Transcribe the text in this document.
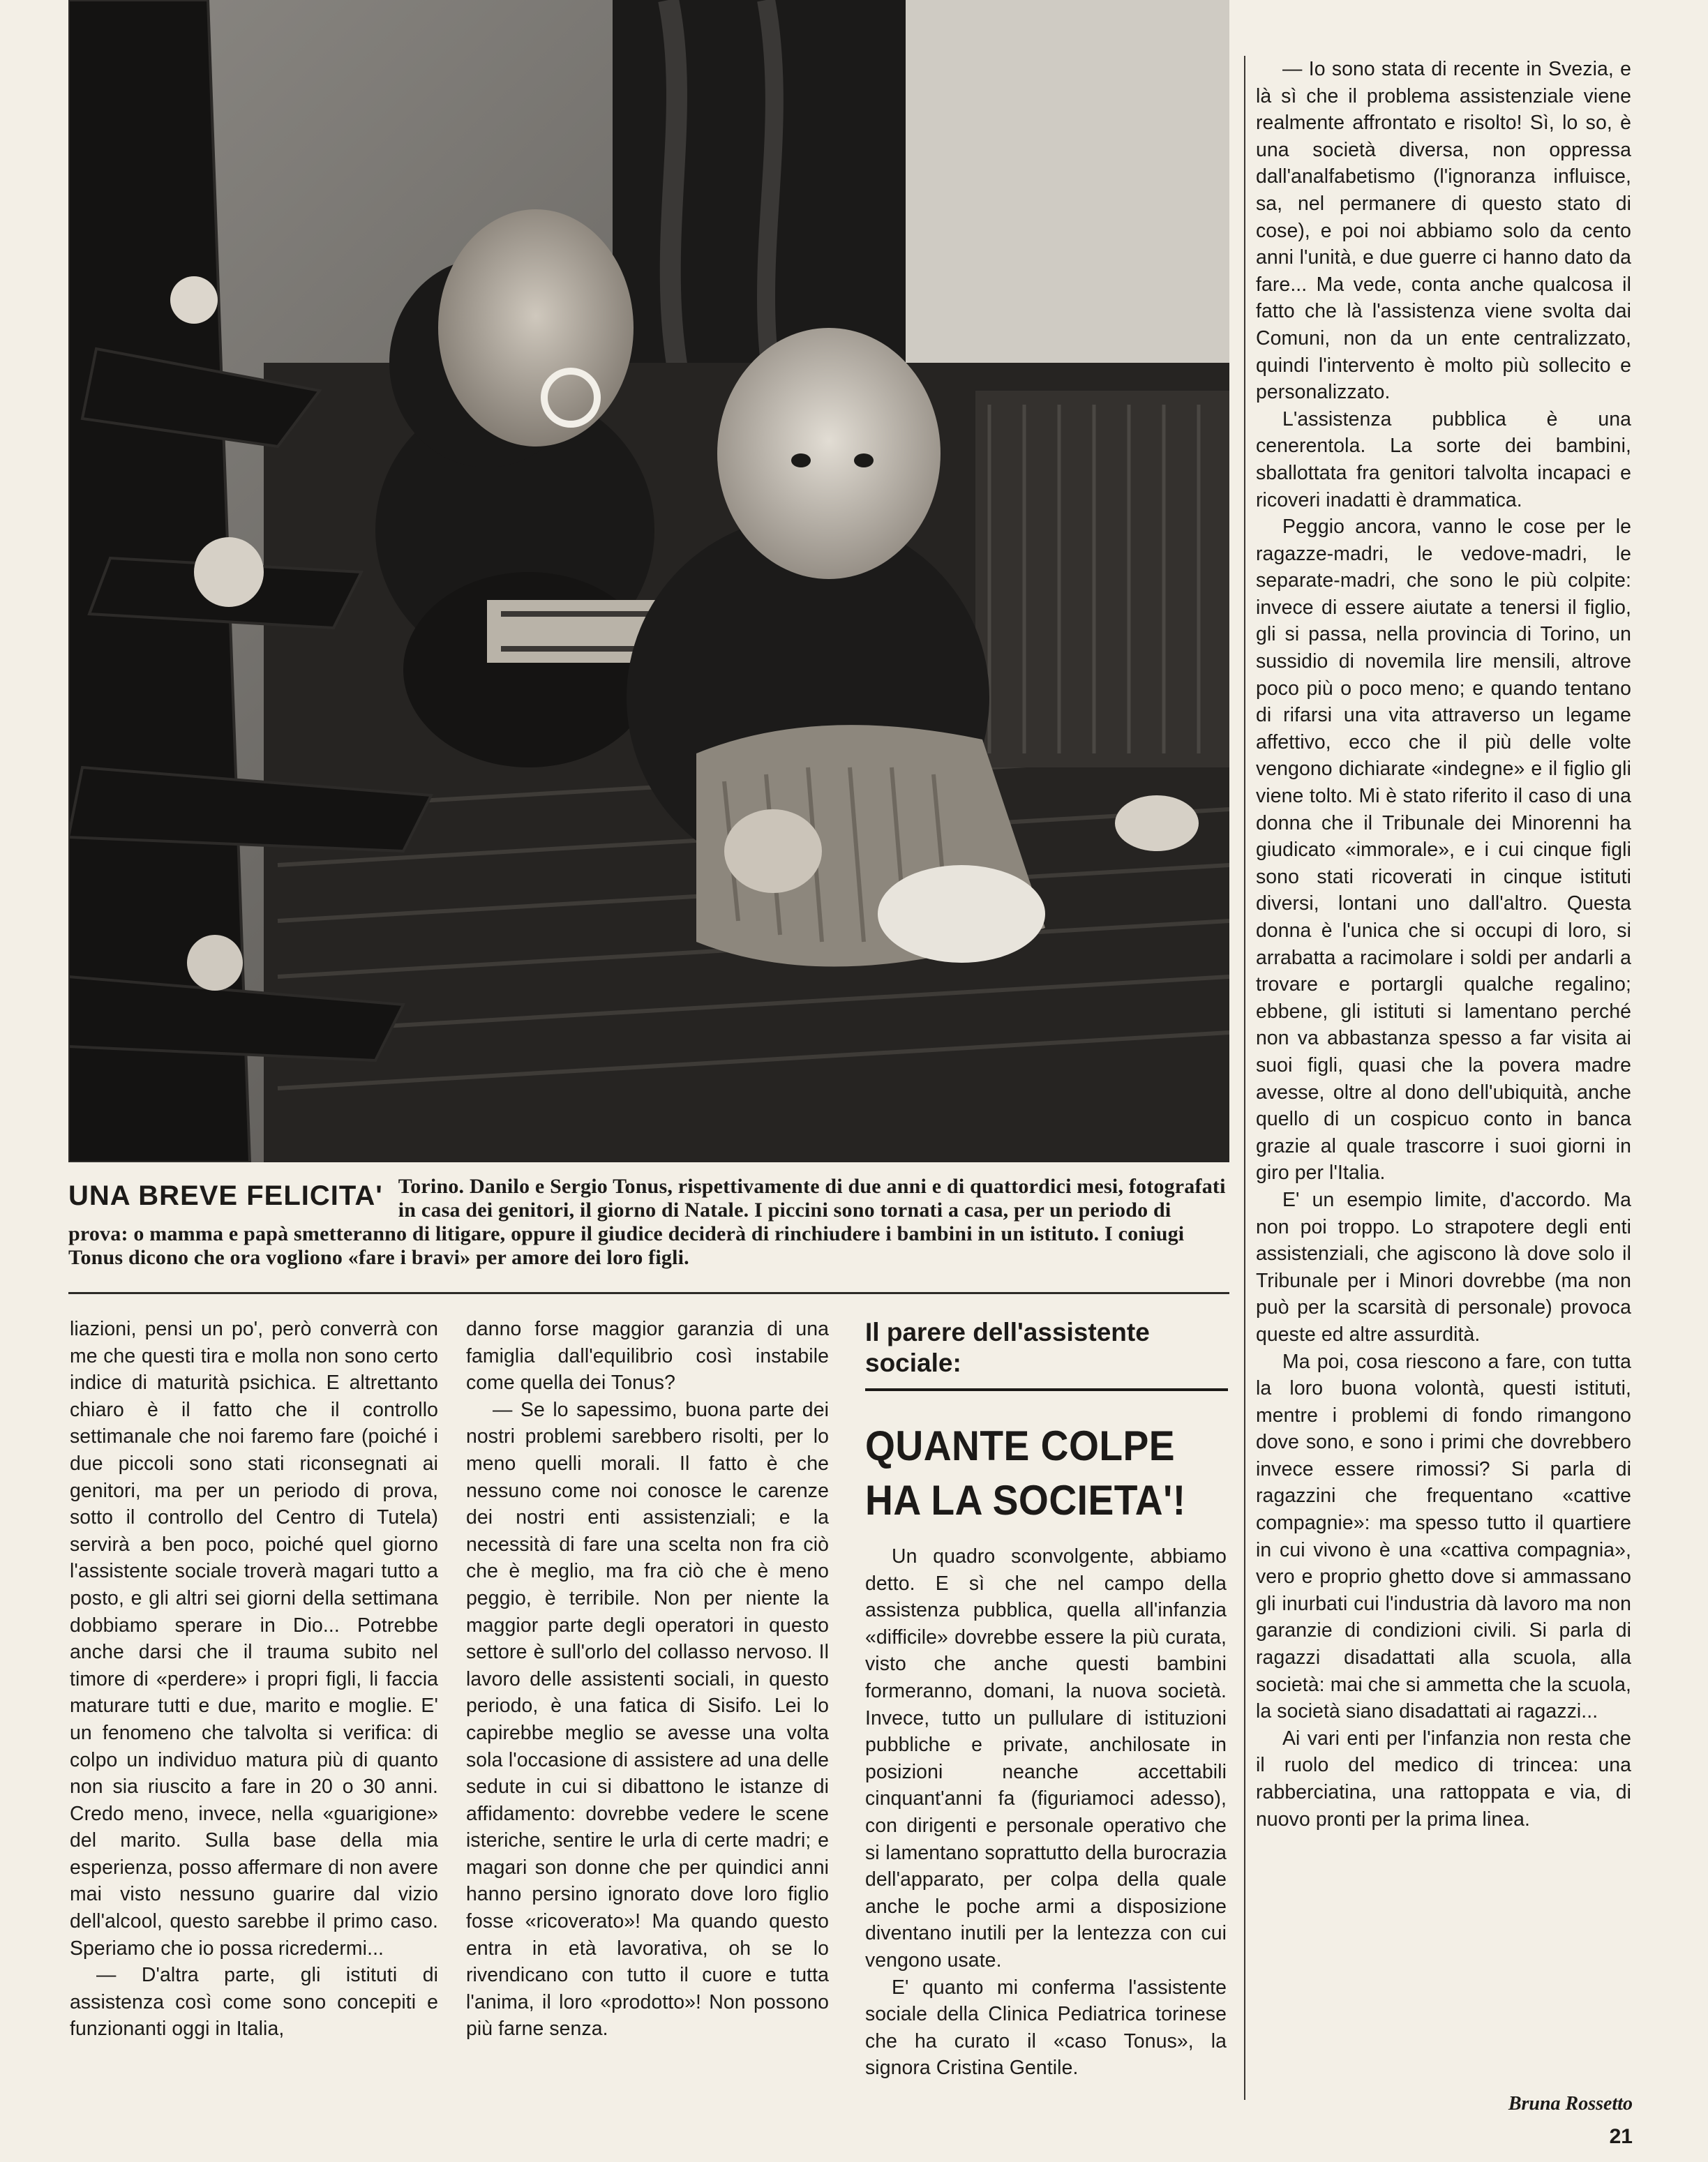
UNA BREVE FELICITA' Torino. Danilo e Sergio Tonus, rispettivamente di due anni e di quattordici mesi, fotografati in casa dei genitori, il giorno di Natale. I piccini sono tornati a casa, per un periodo di prova: o mamma e papà smetteranno di litigare, oppure il giudice deciderà di rinchiudere i bambini in un istituto. I coniugi Tonus dicono che ora vogliono «fare i bravi» per amore dei loro figli.

liazioni, pensi un po', però converrà con me che questi tira e molla non sono certo indice di maturità psichica. E altrettanto chiaro è il fatto che il controllo settimanale che noi faremo fare (poiché i due piccoli sono stati riconsegnati ai genitori, ma per un periodo di prova, sotto il controllo del Centro di Tutela) servirà a ben poco, poiché quel giorno l'assistente sociale troverà magari tutto a posto, e gli altri sei giorni della settimana dobbiamo sperare in Dio... Potrebbe anche darsi che il trauma subito nel timore di «perdere» i propri figli, li faccia maturare tutti e due, marito e moglie. E' un fenomeno che talvolta si verifica: di colpo un individuo matura più di quanto non sia riuscito a fare in 20 o 30 anni. Credo meno, invece, nella «guarigione» del marito. Sulla base della mia esperienza, posso affermare di non avere mai visto nessuno guarire dal vizio dell'alcool, questo sarebbe il primo caso. Speriamo che io possa ricredermi...

— D'altra parte, gli istituti di assistenza così come sono concepiti e funzionanti oggi in Italia,

danno forse maggior garanzia di una famiglia dall'equilibrio così instabile come quella dei Tonus?

— Se lo sapessimo, buona parte dei nostri problemi sarebbero risolti, per lo meno quelli morali. Il fatto è che nessuno come noi conosce le carenze dei nostri enti assistenziali; e la necessità di fare una scelta non fra ciò che è meglio, ma fra ciò che è meno peggio, è terribile. Non per niente la maggior parte degli operatori in questo settore è sull'orlo del collasso nervoso. Il lavoro delle assistenti sociali, in questo periodo, è una fatica di Sisifo. Lei lo capirebbe meglio se avesse una volta sola l'occasione di assistere ad una delle sedute in cui si dibattono le istanze di affidamento: dovrebbe vedere le scene isteriche, sentire le urla di certe madri; e magari son donne che per quindici anni hanno persino ignorato dove loro figlio fosse «ricoverato»! Ma quando questo entra in età lavorativa, oh se lo rivendicano con tutto il cuore e tutta l'anima, il loro «prodotto»! Non possono più farne senza.

Il parere dell'assistente sociale:
QUANTE COLPE
HA LA SOCIETA'!

Un quadro sconvolgente, abbiamo detto. E sì che nel campo della assistenza pubblica, quella all'infanzia «difficile» dovrebbe essere la più curata, visto che anche questi bambini formeranno, domani, la nuova società. Invece, tutto un pullulare di istituzioni pubbliche e private, anchilosate in posizioni neanche accettabili cinquant'anni fa (figuriamoci adesso), con dirigenti e personale operativo che si lamentano soprattutto della burocrazia dell'apparato, per colpa della quale anche le poche armi a disposizione diventano inutili per la lentezza con cui vengono usate.

E' quanto mi conferma l'assistente sociale della Clinica Pediatrica torinese che ha curato il «caso Tonus», la signora Cristina Gentile.

— Io sono stata di recente in Svezia, e là sì che il problema assistenziale viene realmente affrontato e risolto! Sì, lo so, è una società diversa, non oppressa dall'analfabetismo (l'ignoranza influisce, sa, nel permanere di questo stato di cose), e poi noi abbiamo solo da cento anni l'unità, e due guerre ci hanno dato da fare... Ma vede, conta anche qualcosa il fatto che là l'assistenza viene svolta dai Comuni, non da un ente centralizzato, quindi l'intervento è molto più sollecito e personalizzato.

L'assistenza pubblica è una cenerentola. La sorte dei bambini, sballottata fra genitori talvolta incapaci e ricoveri inadatti è drammatica.

Peggio ancora, vanno le cose per le ragazze-madri, le vedove-madri, le separate-madri, che sono le più colpite: invece di essere aiutate a tenersi il figlio, gli si passa, nella provincia di Torino, un sussidio di novemila lire mensili, altrove poco più o poco meno; e quando tentano di rifarsi una vita attraverso un legame affettivo, ecco che il più delle volte vengono dichiarate «indegne» e il figlio gli viene tolto. Mi è stato riferito il caso di una donna che il Tribunale dei Minorenni ha giudicato «immorale», e i cui cinque figli sono stati ricoverati in cinque istituti diversi, lontani uno dall'altro. Questa donna è l'unica che si occupi di loro, si arrabatta a racimolare i soldi per andarli a trovare e portargli qualche regalino; ebbene, gli istituti si lamentano perché non va abbastanza spesso a far visita ai suoi figli, quasi che la povera madre avesse, oltre al dono dell'ubiquità, anche quello di un cospicuo conto in banca grazie al quale trascorre i suoi giorni in giro per l'Italia.

E' un esempio limite, d'accordo. Ma non poi troppo. Lo strapotere degli enti assistenziali, che agiscono là dove solo il Tribunale per i Minori dovrebbe (ma non può per la scarsità di personale) provoca queste ed altre assurdità.

Ma poi, cosa riescono a fare, con tutta la loro buona volontà, questi istituti, mentre i problemi di fondo rimangono dove sono, e sono i primi che dovrebbero invece essere rimossi? Si parla di ragazzini che frequentano «cattive compagnie»: ma spesso tutto il quartiere in cui vivono è una «cattiva compagnia», vero e proprio ghetto dove si ammassano gli inurbati cui l'industria dà lavoro ma non garanzie di condizioni civili. Si parla di ragazzi disadattati alla scuola, alla società: mai che si ammetta che la scuola, la società siano disadattati ai ragazzi...

Ai vari enti per l'infanzia non resta che il ruolo del medico di trincea: una rabberciatina, una rattoppata e via, di nuovo pronti per la prima linea.

Bruna Rossetto
21
